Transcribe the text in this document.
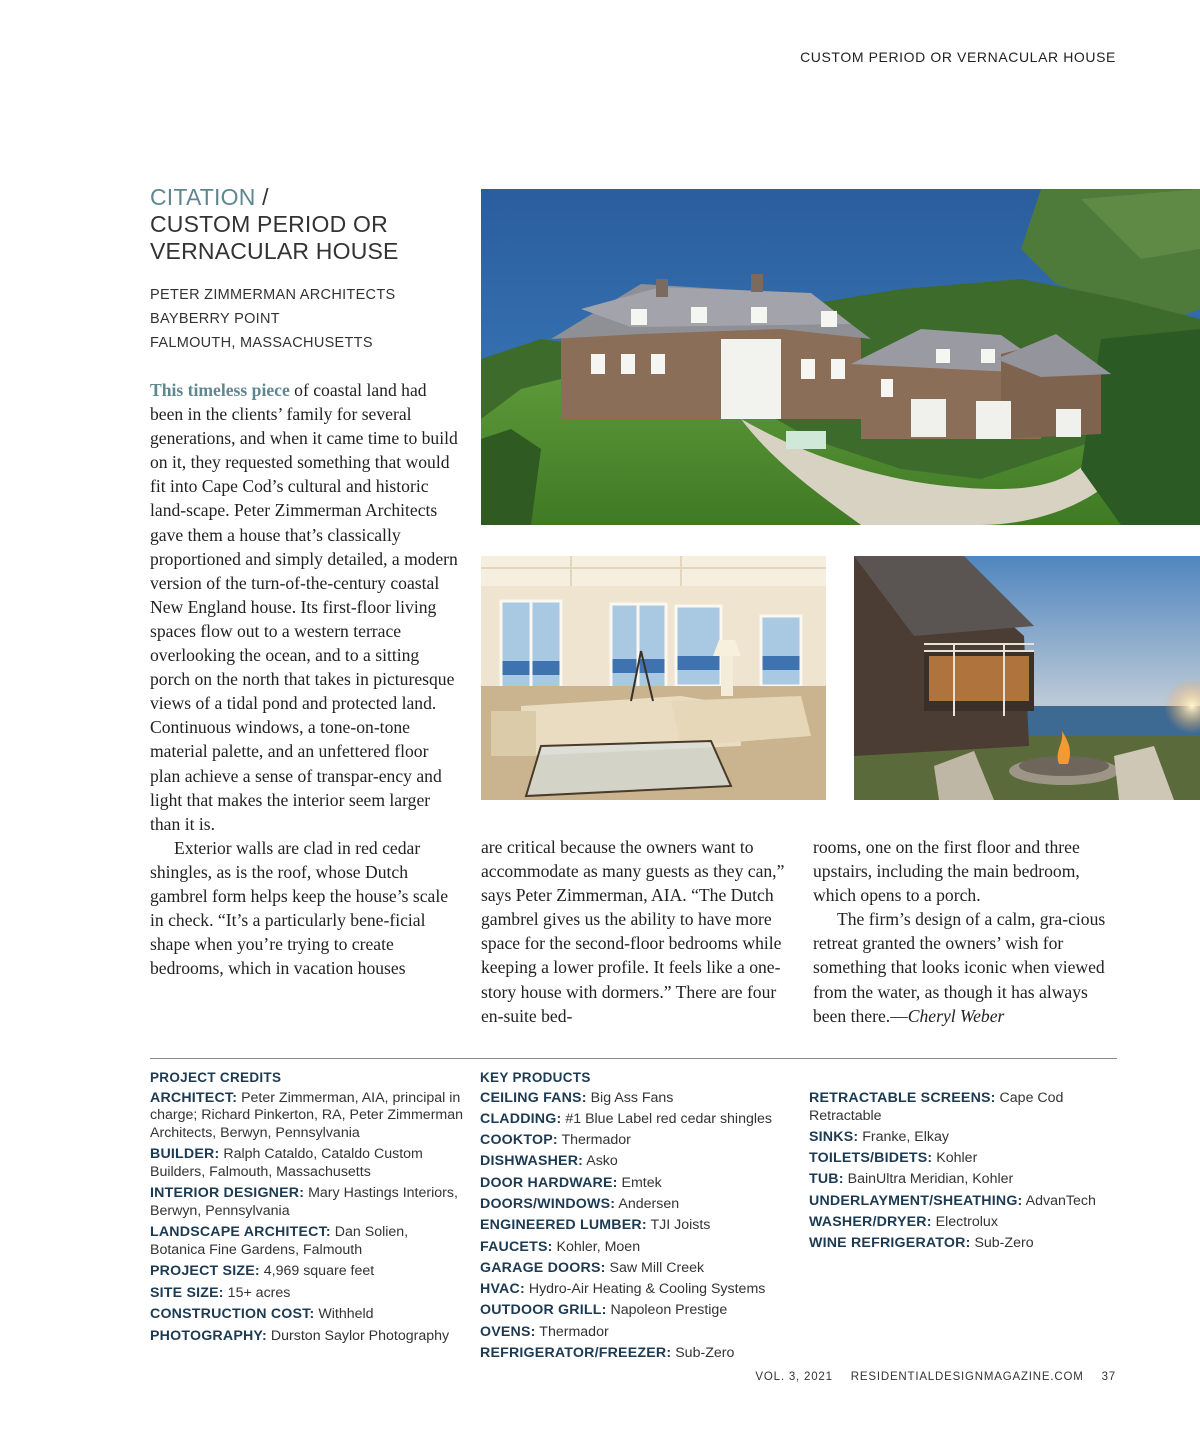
CUSTOM PERIOD OR VERNACULAR HOUSE
CITATION /
CUSTOM PERIOD OR
VERNACULAR HOUSE
PETER ZIMMERMAN ARCHITECTS
BAYBERRY POINT
FALMOUTH, MASSACHUSETTS

This timeless piece of coastal land had been in the clients’ family for several generations, and when it came time to build on it, they requested something that would fit into Cape Cod’s cultural and historic land-scape. Peter Zimmerman Architects gave them a house that’s classically proportioned and simply detailed, a modern version of the turn-of-the-century coastal New England house. Its first-floor living spaces flow out to a western terrace overlooking the ocean, and to a sitting porch on the north that takes in picturesque views of a tidal pond and protected land. Continuous windows, a tone-on-tone material palette, and an unfettered floor plan achieve a sense of transpar-ency and light that makes the interior seem larger than it is.

Exterior walls are clad in red cedar shingles, as is the roof, whose Dutch gambrel form helps keep the house’s scale in check. “It’s a particularly bene-ficial shape when you’re trying to create bedrooms, which in vacation houses

are critical because the owners want to accommodate as many guests as they can,” says Peter Zimmerman, AIA. “The Dutch gambrel gives us the ability to have more space for the second-floor bedrooms while keeping a lower profile. It feels like a one-story house with dormers.” There are four en-suite bed-

rooms, one on the first floor and three upstairs, including the main bedroom, which opens to a porch.

The firm’s design of a calm, gra-cious retreat granted the owners’ wish for something that looks iconic when viewed from the water, as though it has always been there.—Cheryl Weber

PROJECT CREDITS
ARCHITECT: Peter Zimmerman, AIA, principal in charge; Richard Pinkerton, RA, Peter Zimmerman Architects, Berwyn, Pennsylvania
BUILDER: Ralph Cataldo, Cataldo Custom Builders, Falmouth, Massachusetts
INTERIOR DESIGNER: Mary Hastings Interiors, Berwyn, Pennsylvania
LANDSCAPE ARCHITECT: Dan Solien, Botanica Fine Gardens, Falmouth
PROJECT SIZE: 4,969 square feet
SITE SIZE: 15+ acres
CONSTRUCTION COST: Withheld
PHOTOGRAPHY: Durston Saylor Photography
KEY PRODUCTS
CEILING FANS: Big Ass Fans
CLADDING: #1 Blue Label red cedar shingles
COOKTOP: Thermador
DISHWASHER: Asko
DOOR HARDWARE: Emtek
DOORS/WINDOWS: Andersen
ENGINEERED LUMBER: TJI Joists
FAUCETS: Kohler, Moen
GARAGE DOORS: Saw Mill Creek
HVAC: Hydro-Air Heating & Cooling Systems
OUTDOOR GRILL: Napoleon Prestige
OVENS: Thermador
REFRIGERATOR/FREEZER: Sub-Zero
RETRACTABLE SCREENS: Cape Cod Retractable
SINKS: Franke, Elkay
TOILETS/BIDETS: Kohler
TUB: BainUltra Meridian, Kohler
UNDERLAYMENT/SHEATHING: AdvanTech
WASHER/DRYER: Electrolux
WINE REFRIGERATOR: Sub-Zero
VOL. 3, 2021 RESIDENTIALDESIGNMAGAZINE.COM 37
